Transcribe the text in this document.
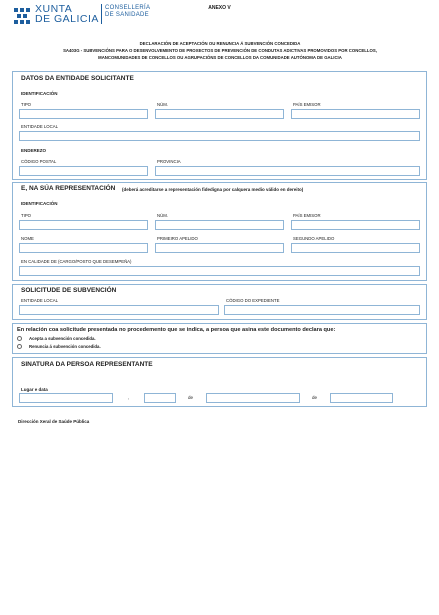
XUNTA
DE GALICIA
CONSELLERÍA
DE SANIDADE
ANEXO V
DECLARACIÓN DE ACEPTACIÓN OU RENUNCIA Á SUBVENCIÓN CONCEDIDA
SA403G - SUBVENCIÓNS PARA O DESENVOLVEMENTO DE PROXECTOS DE PREVENCIÓN DE CONDUTAS ADICTIVAS PROMOVIDOS POR CONCELLOS,
MANCOMUNIDADES DE CONCELLOS OU AGRUPACIÓNS DE CONCELLOS DA COMUNIDADE AUTÓNOMA DE GALICIA
DATOS DA ENTIDADE SOLICITANTE
IDENTIFICACIÓN
TIPO	NÚM.	PAÍS EMISOR
ENTIDADE LOCAL
ENDEREZO
CÓDIGO POSTAL	PROVINCIA
E, NA SÚA REPRESENTACIÓN (deberá acreditarse a representación fidedigna por calquera medio válido en dereito)
IDENTIFICACIÓN
TIPO	NÚM.	PAÍS EMISOR
NOME	PRIMEIRO APELIDO	SEGUNDO APELIDO
EN CALIDADE DE (CARGO/POSTO QUE DESEMPEÑA)
SOLICITUDE DE SUBVENCIÓN
ENTIDADE LOCAL	CÓDIGO DO EXPEDIENTE
En relación coa solicitude presentada no procedemento que se indica, a persoa que asina este documento declara que:
Acepta a subvención concedida.
Renuncia á subvención concedida.
SINATURA DA PERSOA REPRESENTANTE
Lugar e data
,	de	de
Dirección Xeral de Saúde Pública
